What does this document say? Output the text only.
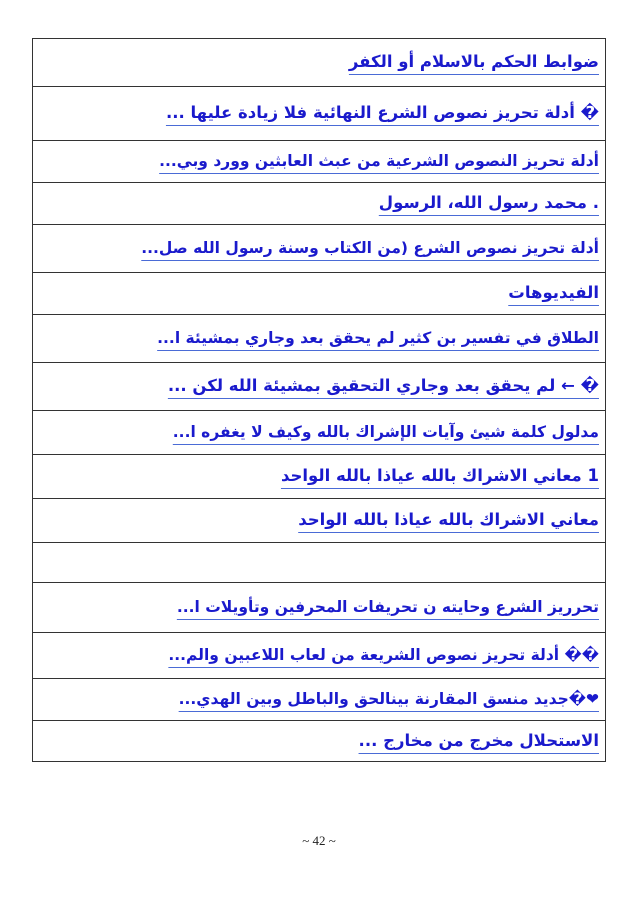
ضوابط الحكم بالاسلام أو الكفر
� أدلة تحريز نصوص الشرع النهائية فلا زيادة عليها ...
أدلة تحريز النصوص الشرعية من عبث العابثين وورد وبي...
. محمد رسول الله، الرسول
أدلة تحريز نصوص الشرع (من الكتاب وسنة رسول الله صل...
الفيديوهات
الطلاق في تفسير بن كثير لم يحقق بعد وجاري بمشيئة ا...
� ← لم يحقق بعد وجاري التحقيق بمشيئة الله لكن ...
مدلول كلمة شيئ وآيات الإشراك بالله وكيف لا يغفره ا...
1 معاني الاشراك بالله عياذا بالله الواحد
معاني الاشراك بالله عياذا بالله الواحد

تحرريز الشرع وحايته ن تحريفات المحرفين وتأويلات ا...
�� أدلة تحريز نصوص الشريعة من لعاب اللاعبين والم...
❤�جديد منسق المقارنة بينالحق والباطل وبين الهدي...
الاستحلال مخرج من مخارج ...
~ 42 ~
